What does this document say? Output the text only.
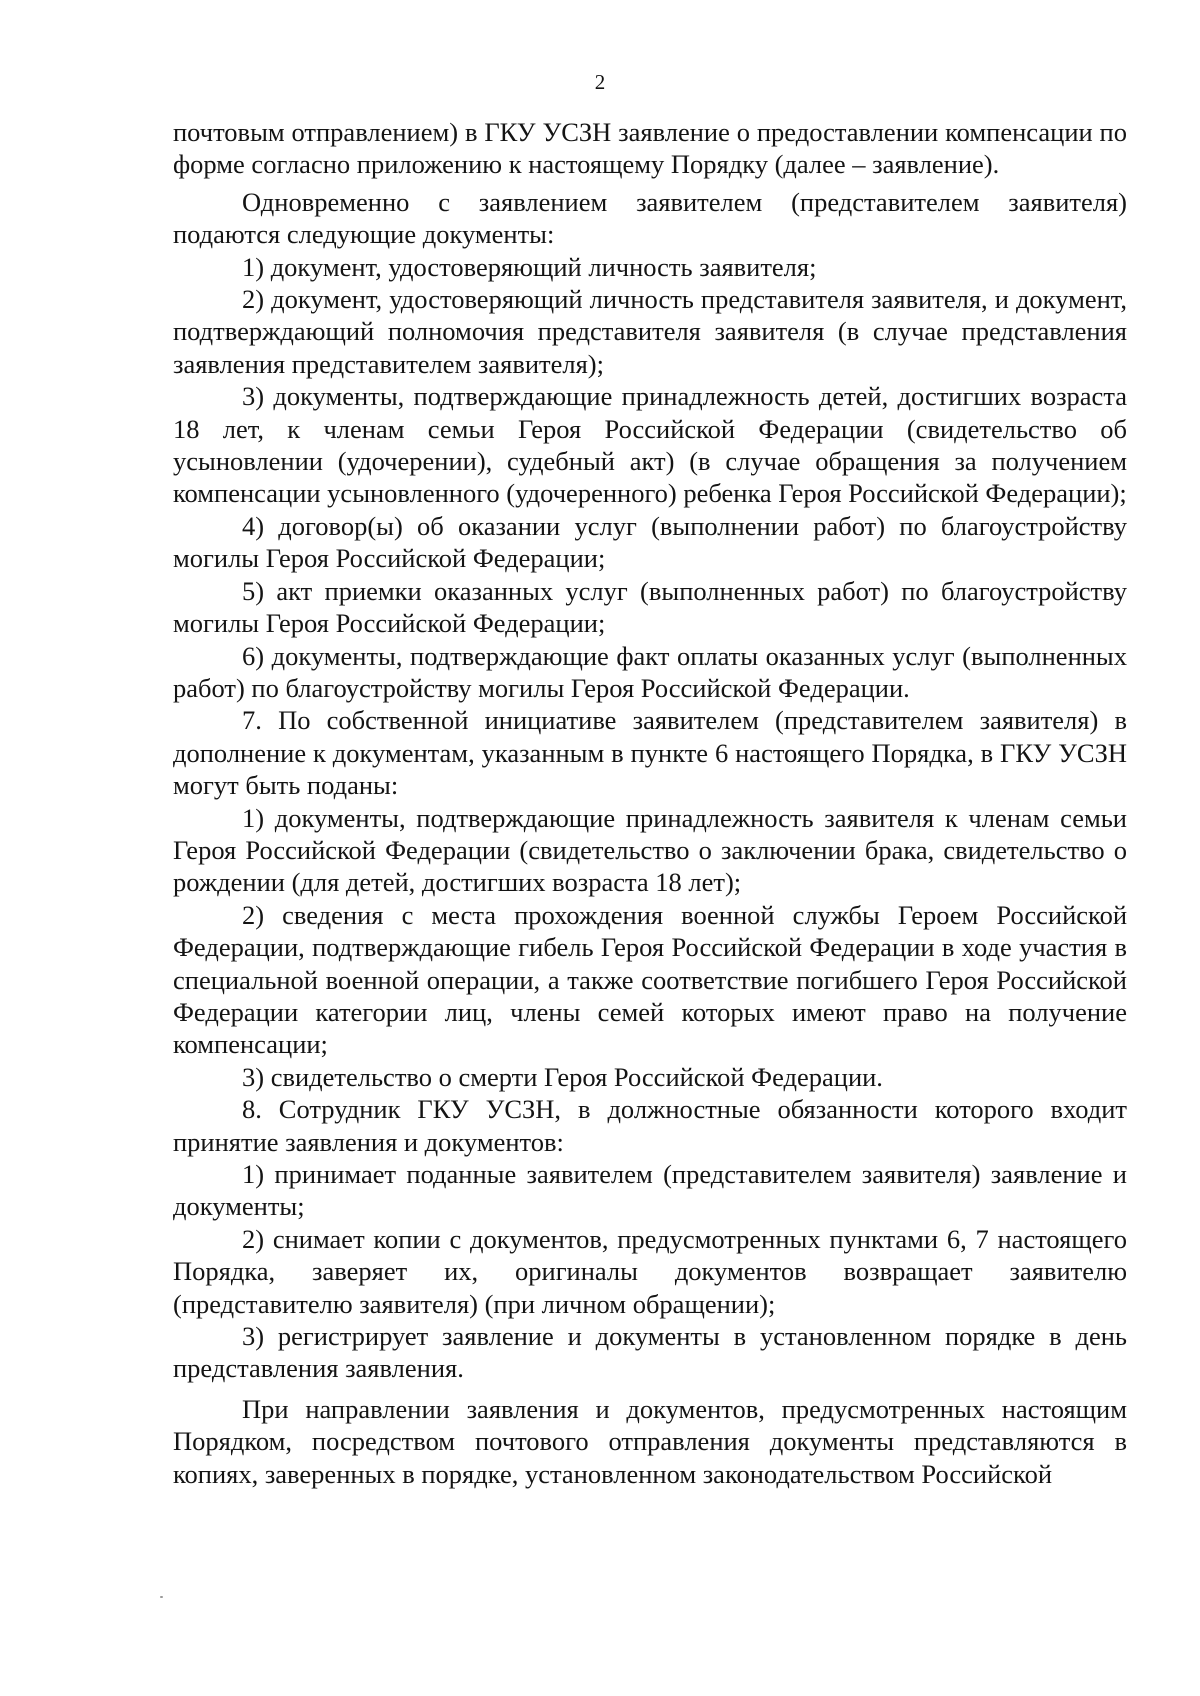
2

почтовым отправлением) в ГКУ УСЗН заявление о предоставлении компенсации по форме согласно приложению к настоящему Порядку (далее – заявление).

Одновременно с заявлением заявителем (представителем заявителя) подаются следующие документы:

1) документ, удостоверяющий личность заявителя;

2) документ, удостоверяющий личность представителя заявителя, и документ, подтверждающий полномочия представителя заявителя (в случае представления заявления представителем заявителя);

3) документы, подтверждающие принадлежность детей, достигших возраста 18 лет, к членам семьи Героя Российской Федерации (свидетельство об усыновлении (удочерении), судебный акт) (в случае обращения за получением компенсации усыновленного (удочеренного) ребенка Героя Российской Федерации);

4) договор(ы) об оказании услуг (выполнении работ) по благоустройству могилы Героя Российской Федерации;

5) акт приемки оказанных услуг (выполненных работ) по благоустройству могилы Героя Российской Федерации;

6) документы, подтверждающие факт оплаты оказанных услуг (выполненных работ) по благоустройству могилы Героя Российской Федерации.

7. По собственной инициативе заявителем (представителем заявителя) в дополнение к документам, указанным в пункте 6 настоящего Порядка, в ГКУ УСЗН могут быть поданы:

1) документы, подтверждающие принадлежность заявителя к членам семьи Героя Российской Федерации (свидетельство о заключении брака, свидетельство о рождении (для детей, достигших возраста 18 лет);

2) сведения с места прохождения военной службы Героем Российской Федерации, подтверждающие гибель Героя Российской Федерации в ходе участия в специальной военной операции, а также соответствие погибшего Героя Российской Федерации категории лиц, члены семей которых имеют право на получение компенсации;

3) свидетельство о смерти Героя Российской Федерации.

8. Сотрудник ГКУ УСЗН, в должностные обязанности которого входит принятие заявления и документов:

1) принимает поданные заявителем (представителем заявителя) заявление и документы;

2) снимает копии с документов, предусмотренных пунктами 6, 7 настоящего Порядка, заверяет их, оригиналы документов возвращает заявителю (представителю заявителя) (при личном обращении);

3) регистрирует заявление и документы в установленном порядке в день представления заявления.

При направлении заявления и документов, предусмотренных настоящим Порядком, посредством почтового отправления документы представляются в копиях, заверенных в порядке, установленном законодательством Российской
